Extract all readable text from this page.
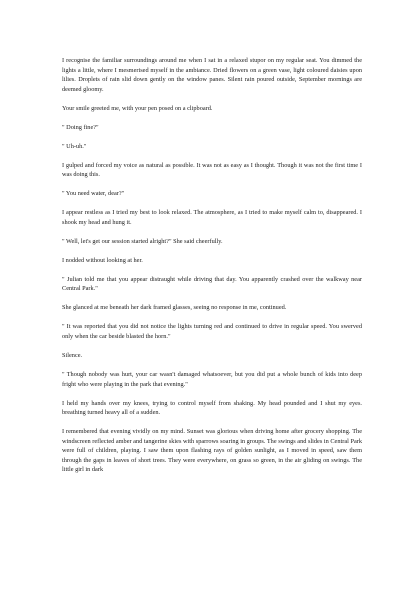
I recognise the familiar surroundings around me when I sat in a relaxed stupor on my regular seat. You dimmed the lights a little, where I mesmerised myself in the ambiance. Dried flowers on a green vase, light coloured daisies upon lilies. Droplets of rain slid down gently on the window panes. Silent rain poured outside, September mornings are deemed gloomy.

Your smile greeted me, with your pen posed on a clipboard.

" Doing fine?"

" Uh-uh."

I gulped and forced my voice as natural as possible. It was not as easy as I thought. Though it was not the first time I was doing this.

" You need water, dear?"

I appear restless as I tried my best to look relaxed. The atmosphere, as I tried to make myself calm to, disappeared. I shook my head and hung it.

" Well, let's get our session started alright?" She said cheerfully.

I nodded without looking at her.

" Julian told me that you appear distraught while driving that day. You apparently crashed over the walkway near Central Park."

She glanced at me beneath her dark framed glasses, seeing no response in me, continued.

" It was reported that you did not notice the lights turning red and continued to drive in regular speed. You swerved only when the car beside blasted the horn."

Silence.

" Though nobody was hurt, your car wasn't damaged whatsoever, but you did put a whole bunch of kids into deep fright who were playing in the park that evening."

I held my hands over my knees, trying to control myself from shaking. My head pounded and I shut my eyes. breathing turned heavy all of a sudden.

I remembered that evening vividly on my mind. Sunset was glorious when driving home after grocery shopping. The windscreen reflected amber and tangerine skies with sparrows soaring in groups. The swings and slides in Central Park were full of children, playing. I saw them upon flashing rays of golden sunlight, as I moved in speed, saw them through the gaps in leaves of short trees. They were everywhere, on grass so green, in the air gliding on swings. The little girl in dark
